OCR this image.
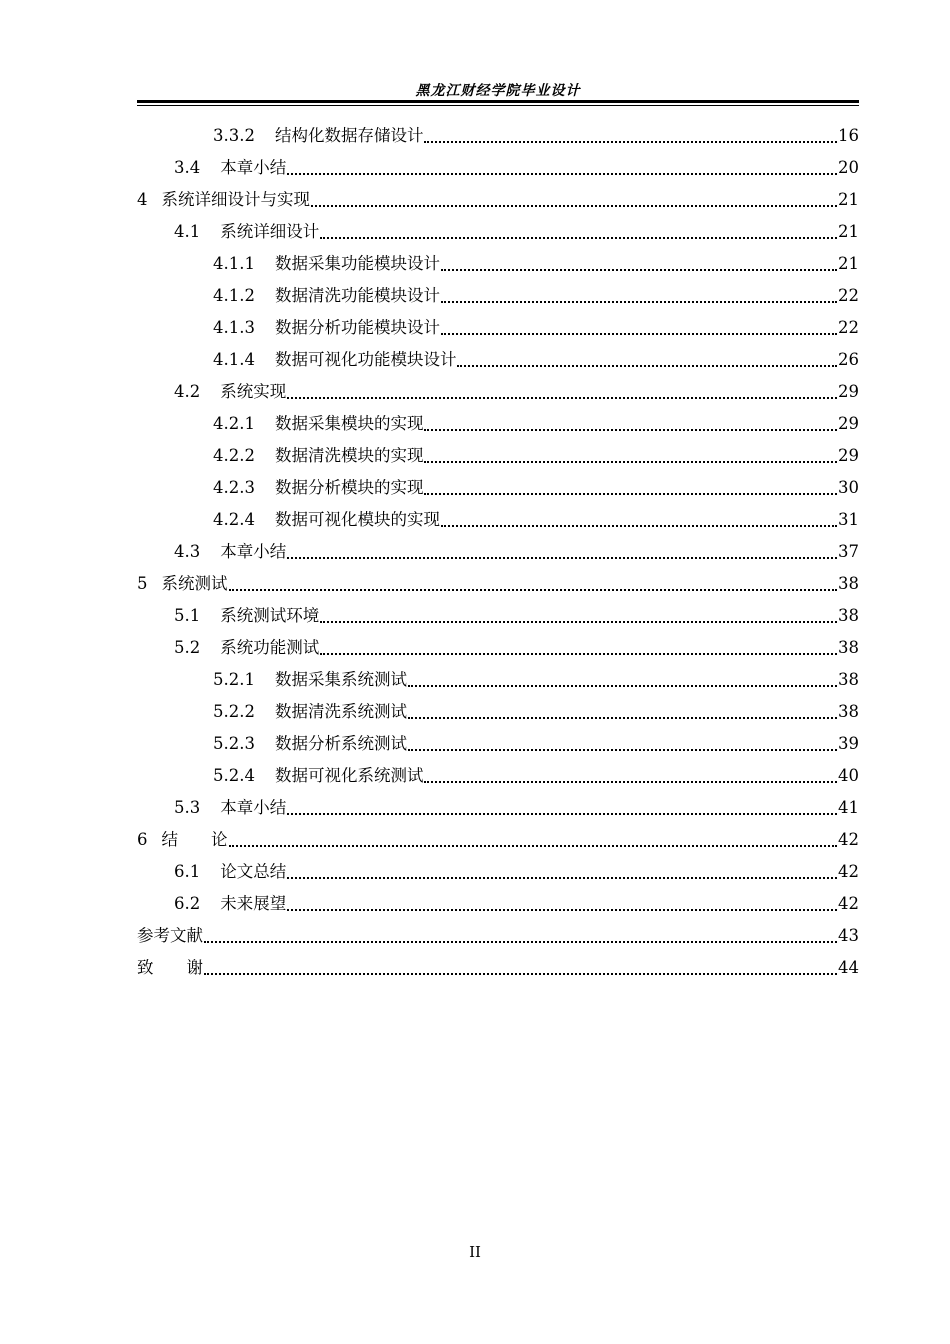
黑龙江财经学院毕业设计
3.3.2 结构化数据存储设计	16
3.4 本章小结	20
4 系统详细设计与实现	21
4.1 系统详细设计	21
4.1.1 数据采集功能模块设计	21
4.1.2 数据清洗功能模块设计	22
4.1.3 数据分析功能模块设计	22
4.1.4 数据可视化功能模块设计	26
4.2 系统实现	29
4.2.1 数据采集模块的实现	29
4.2.2 数据清洗模块的实现	29
4.2.3 数据分析模块的实现	30
4.2.4 数据可视化模块的实现	31
4.3 本章小结	37
5 系统测试	38
5.1 系统测试环境	38
5.2 系统功能测试	38
5.2.1 数据采集系统测试	38
5.2.2 数据清洗系统测试	38
5.2.3 数据分析系统测试	39
5.2.4 数据可视化系统测试	40
5.3 本章小结	41
6 结　　论	42
6.1 论文总结	42
6.2 未来展望	42
参考文献	43
致　　谢	44
II
